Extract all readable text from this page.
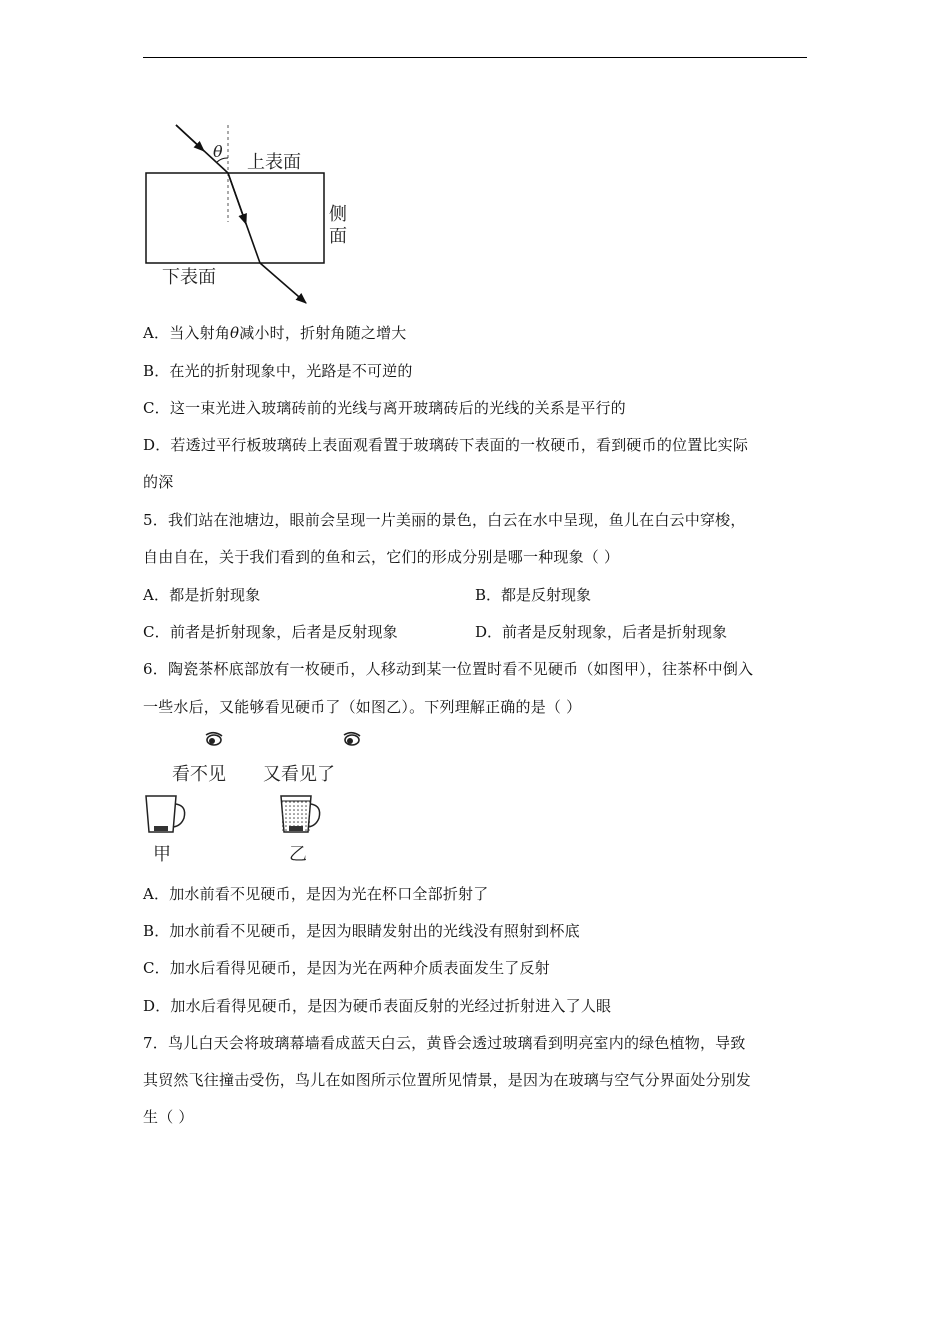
θ
上表面
侧
面
下表面
A．当入射角θ减小时，折射角随之增大
B．在光的折射现象中，光路是不可逆的
C．这一束光进入玻璃砖前的光线与离开玻璃砖后的光线的关系是平行的
D．若透过平行板玻璃砖上表面观看置于玻璃砖下表面的一枚硬币，看到硬币的位置比实际
的深
5．我们站在池塘边，眼前会呈现一片美丽的景色，白云在水中呈现，鱼儿在白云中穿梭，
自由自在，关于我们看到的鱼和云，它们的形成分别是哪一种现象（ ）
A．都是折射现象	B．都是反射现象
C．前者是折射现象，后者是反射现象	D．前者是反射现象，后者是折射现象
6．陶瓷茶杯底部放有一枚硬币，人移动到某一位置时看不见硬币（如图甲），往茶杯中倒入
一些水后，又能够看见硬币了（如图乙）。下列理解正确的是（ ）
看不见 又看见了
甲	乙
A．加水前看不见硬币，是因为光在杯口全部折射了
B．加水前看不见硬币，是因为眼睛发射出的光线没有照射到杯底
C．加水后看得见硬币，是因为光在两种介质表面发生了反射
D．加水后看得见硬币，是因为硬币表面反射的光经过折射进入了人眼
7．鸟儿白天会将玻璃幕墙看成蓝天白云，黄昏会透过玻璃看到明亮室内的绿色植物，导致
其贸然飞往撞击受伤，鸟儿在如图所示位置所见情景，是因为在玻璃与空气分界面处分别发
生（ ）
